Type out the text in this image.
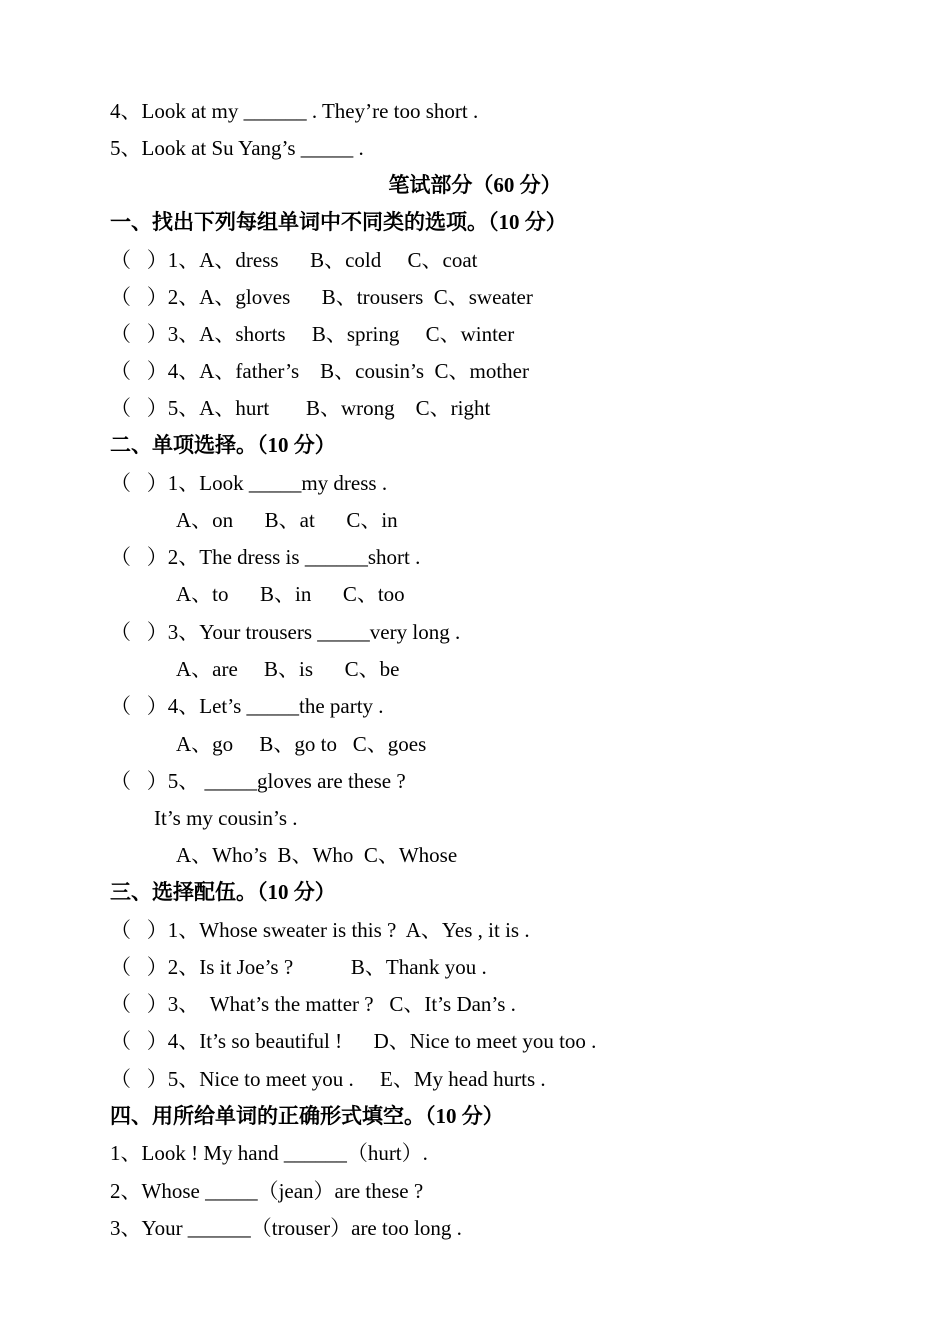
4、Look at my ______ . They’re too short .
5、Look at Su Yang’s _____ .
笔试部分（60 分）
一、找出下列每组单词中不同类的选项。（10 分）
（   ）1、A、dress      B、cold     C、coat
（   ）2、A、gloves      B、trousers  C、sweater
（   ）3、A、shorts     B、spring     C、winter
（   ）4、A、father’s    B、cousin’s  C、mother
（   ）5、A、hurt       B、wrong    C、right
二、单项选择。（10 分）
（   ）1、Look _____my dress .
A、on      B、at      C、in
（   ）2、The dress is ______short .
A、to      B、in      C、too
（   ）3、Your trousers _____very long .
A、are     B、is      C、be
（   ）4、Let’s _____the party .
A、go     B、go to   C、goes
（   ）5、 _____gloves are these ?
It’s my cousin’s .
A、Who’s  B、Who  C、Whose
三、选择配伍。（10 分）
（   ）1、Whose sweater is this ?  A、Yes , it is .
（   ）2、Is it Joe’s ?           B、Thank you .
（   ）3、  What’s the matter ?   C、It’s Dan’s .
（   ）4、It’s so beautiful !      D、Nice to meet you too .
（   ）5、Nice to meet you .     E、My head hurts .
四、用所给单词的正确形式填空。（10 分）
1、Look ! My hand ______（hurt）.
2、Whose _____（jean）are these ?
3、Your ______（trouser）are too long .
